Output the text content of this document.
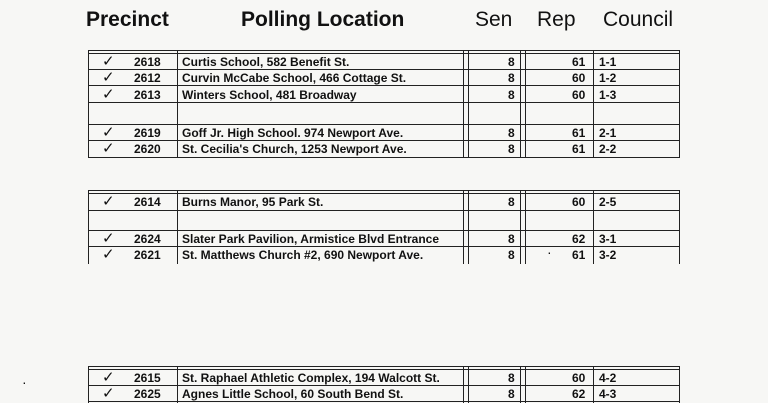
Precinct	Polling Location	Sen Rep Council
✓ 2618 Curtis School, 582 Benefit St.	8	61 1-1
✓ 2612 Curvin McCabe School, 466 Cottage St.	8	60 1-2
✓ 2613 Winters School, 481 Broadway	8	60 1-3
✓ 2619 Goff Jr. High School. 974 Newport Ave.	8	61 2-1
✓ 2620 St. Cecilia's Church, 1253 Newport Ave.	8	61 2-2
✓ 2614 Burns Manor, 95 Park St.	8	60 2-5
✓ 2624 Slater Park Pavilion, Armistice Blvd Entrance	8	62 3-1
✓ 2621 St. Matthews Church #2, 690 Newport Ave.	8	61 3-2
✓ 2615 St. Raphael Athletic Complex, 194 Walcott St.	8	60 4-2
✓ 2625 Agnes Little School, 60 South Bend St.	8	62 4-3
·
·
